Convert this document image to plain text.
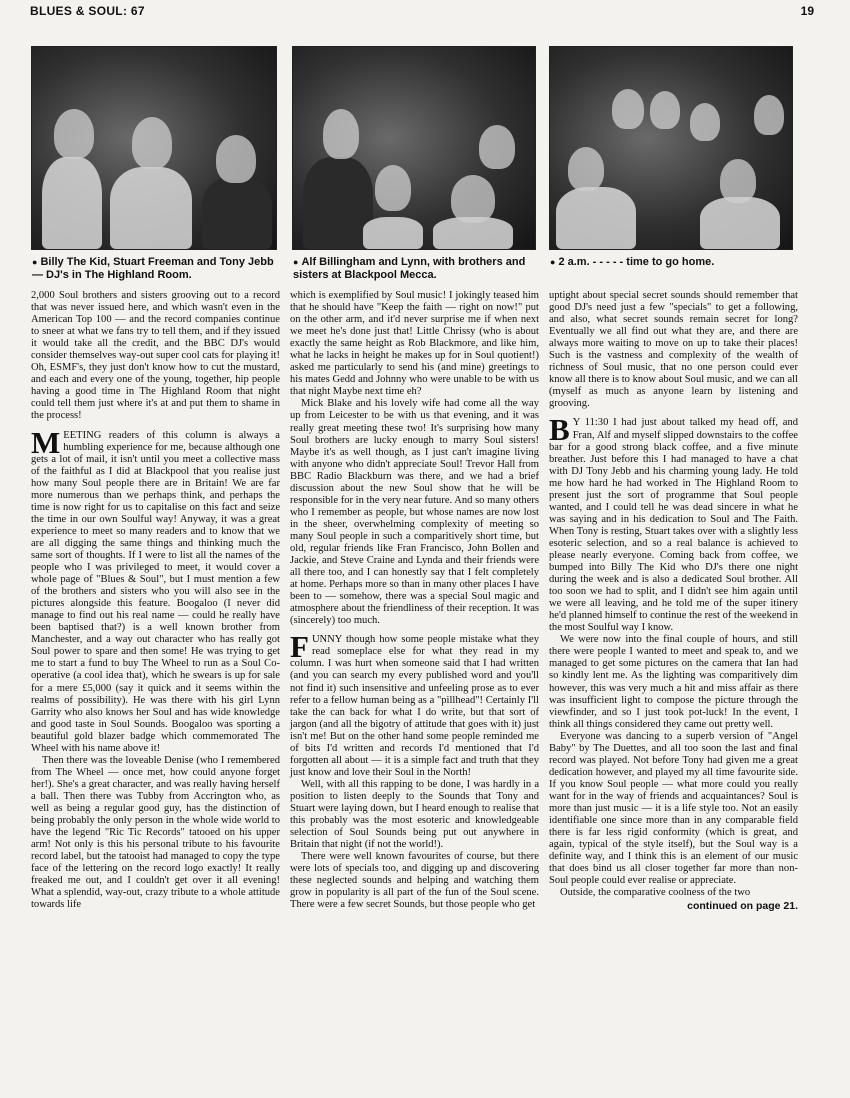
BLUES & SOUL: 67	19
● Billy The Kid, Stuart Freeman and Tony Jebb — DJ's in The Highland Room.
● Alf Billingham and Lynn, with brothers and sisters at Blackpool Mecca.
● 2 a.m. - - - - - time to go home.

2,000 Soul brothers and sisters grooving out to a record that was never issued here, and which wasn't even in the American Top 100 — and the record companies continue to sneer at what we fans try to tell them, and if they issued it would take all the credit, and the BBC DJ's would consider themselves way-out super cool cats for playing it! Oh, ESMF's, they just don't know how to cut the mustard, and each and every one of the young, together, hip people having a good time in The Highland Room that night could tell them just where it's at and put them to shame in the process!

MEETING readers of this column is always a humbling experience for me, because although one gets a lot of mail, it isn't until you meet a collective mass of the faithful as I did at Blackpool that you realise just how many Soul people there are in Britain! We are far more numerous than we perhaps think, and perhaps the time is now right for us to capitalise on this fact and seize the time in our own Soulful way! Anyway, it was a great experience to meet so many readers and to know that we are all digging the same things and thinking much the same sort of thoughts. If I were to list all the names of the people who I was privileged to meet, it would cover a whole page of "Blues & Soul", but I must mention a few of the brothers and sisters who you will also see in the pictures alongside this feature. Boogaloo (I never did manage to find out his real name — could he really have been baptised that?) is a well known brother from Manchester, and a way out character who has really got Soul power to spare and then some! He was trying to get me to start a fund to buy The Wheel to run as a Soul Co-operative (a cool idea that), which he swears is up for sale for a mere £5,000 (say it quick and it seems within the realms of possibility). He was there with his girl Lynn Garrity who also knows her Soul and has wide knowledge and good taste in Soul Sounds. Boogaloo was sporting a beautiful gold blazer badge which commemorated The Wheel with his name above it!

Then there was the loveable Denise (who I remembered from The Wheel — once met, how could anyone forget her!). She's a great character, and was really having herself a ball. Then there was Tubby from Accrington who, as well as being a regular good guy, has the distinction of being probably the only person in the whole wide world to have the legend "Ric Tic Records" tatooed on his upper arm! Not only is this his personal tribute to his favourite record label, but the tatooist had managed to copy the type face of the lettering on the record logo exactly! It really freaked me out, and I couldn't get over it all evening! What a splendid, way-out, crazy tribute to a whole attitude towards life

which is exemplified by Soul music! I jokingly teased him that he should have "Keep the faith — right on now!" put on the other arm, and it'd never surprise me if when next we meet he's done just that! Little Chrissy (who is about exactly the same height as Rob Blackmore, and like him, what he lacks in height he makes up for in Soul quotient!) asked me particularly to send his (and mine) greetings to his mates Gedd and Johnny who were unable to be with us that night Maybe next time eh?

Mick Blake and his lovely wife had come all the way up from Leicester to be with us that evening, and it was really great meeting these two! It's surprising how many Soul brothers are lucky enough to marry Soul sisters! Maybe it's as well though, as I just can't imagine living with anyone who didn't appreciate Soul! Trevor Hall from BBC Radio Blackburn was there, and we had a brief discussion about the new Soul show that he will be responsible for in the very near future. And so many others who I remember as people, but whose names are now lost in the sheer, overwhelming complexity of meeting so many Soul people in such a comparitively short time, but old, regular friends like Fran Francisco, John Bollen and Jackie, and Steve Craine and Lynda and their friends were all there too, and I can honestly say that I felt completely at home. Perhaps more so than in many other places I have been to — somehow, there was a special Soul magic and atmosphere about the friendliness of their reception. It was (sincerely) too much.

FUNNY though how some people mistake what they read someplace else for what they read in my column. I was hurt when someone said that I had written (and you can search my every published word and you'll not find it) such insensitive and unfeeling prose as to ever refer to a fellow human being as a "pillhead"! Certainly I'll take the can back for what I do write, but that sort of jargon (and all the bigotry of attitude that goes with it) just isn't me! But on the other hand some people reminded me of bits I'd written and records I'd mentioned that I'd forgotten all about — it is a simple fact and truth that they just know and love their Soul in the North!

Well, with all this rapping to be done, I was hardly in a position to listen deeply to the Sounds that Tony and Stuart were laying down, but I heard enough to realise that this probably was the most esoteric and knowledgeable selection of Soul Sounds being put out anywhere in Britain that night (if not the world!).

There were well known favourites of course, but there were lots of specials too, and digging up and discovering these neglected sounds and helping and watching them grow in popularity is all part of the fun of the Soul scene. There were a few secret Sounds, but those people who get

uptight about special secret sounds should remember that good DJ's need just a few "specials" to get a following, and also, what secret sounds remain secret for long? Eventually we all find out what they are, and there are always more waiting to move on up to take their places! Such is the vastness and complexity of the wealth of richness of Soul music, that no one person could ever know all there is to know about Soul music, and we can all (myself as much as anyone learn by listening and grooving.

BY 11:30 I had just about talked my head off, and Fran, Alf and myself slipped downstairs to the coffee bar for a good strong black coffee, and a five minute breather. Just before this I had managed to have a chat with DJ Tony Jebb and his charming young lady. He told me how hard he had worked in The Highland Room to present just the sort of programme that Soul people wanted, and I could tell he was dead sincere in what he was saying and in his dedication to Soul and The Faith. When Tony is resting, Stuart takes over with a slightly less esoteric selection, and so a real balance is achieved to please nearly everyone. Coming back from coffee, we bumped into Billy The Kid who DJ's there one night during the week and is also a dedicated Soul brother. All too soon we had to split, and I didn't see him again until we were all leaving, and he told me of the super itinery he'd planned himself to continue the rest of the weekend in the most Soulful way I know.

We were now into the final couple of hours, and still there were people I wanted to meet and speak to, and we managed to get some pictures on the camera that Ian had so kindly lent me. As the lighting was comparitively dim however, this was very much a hit and miss affair as there was insufficient light to compose the picture through the viewfinder, and so I just took pot-luck! In the event, I think all things considered they came out pretty well.

Everyone was dancing to a superb version of "Angel Baby" by The Duettes, and all too soon the last and final record was played. Not before Tony had given me a great dedication however, and played my all time favourite side. If you know Soul people — what more could you really want for in the way of friends and acquaintances? Soul is more than just music — it is a life style too. Not an easily identifiable one since more than in any comparable field there is far less rigid conformity (which is great, and again, typical of the style itself), but the Soul way is a definite way, and I think this is an element of our music that does bind us all closer together far more than non-Soul people could ever realise or appreciate.

Outside, the comparative coolness of the two

continued on page 21.
